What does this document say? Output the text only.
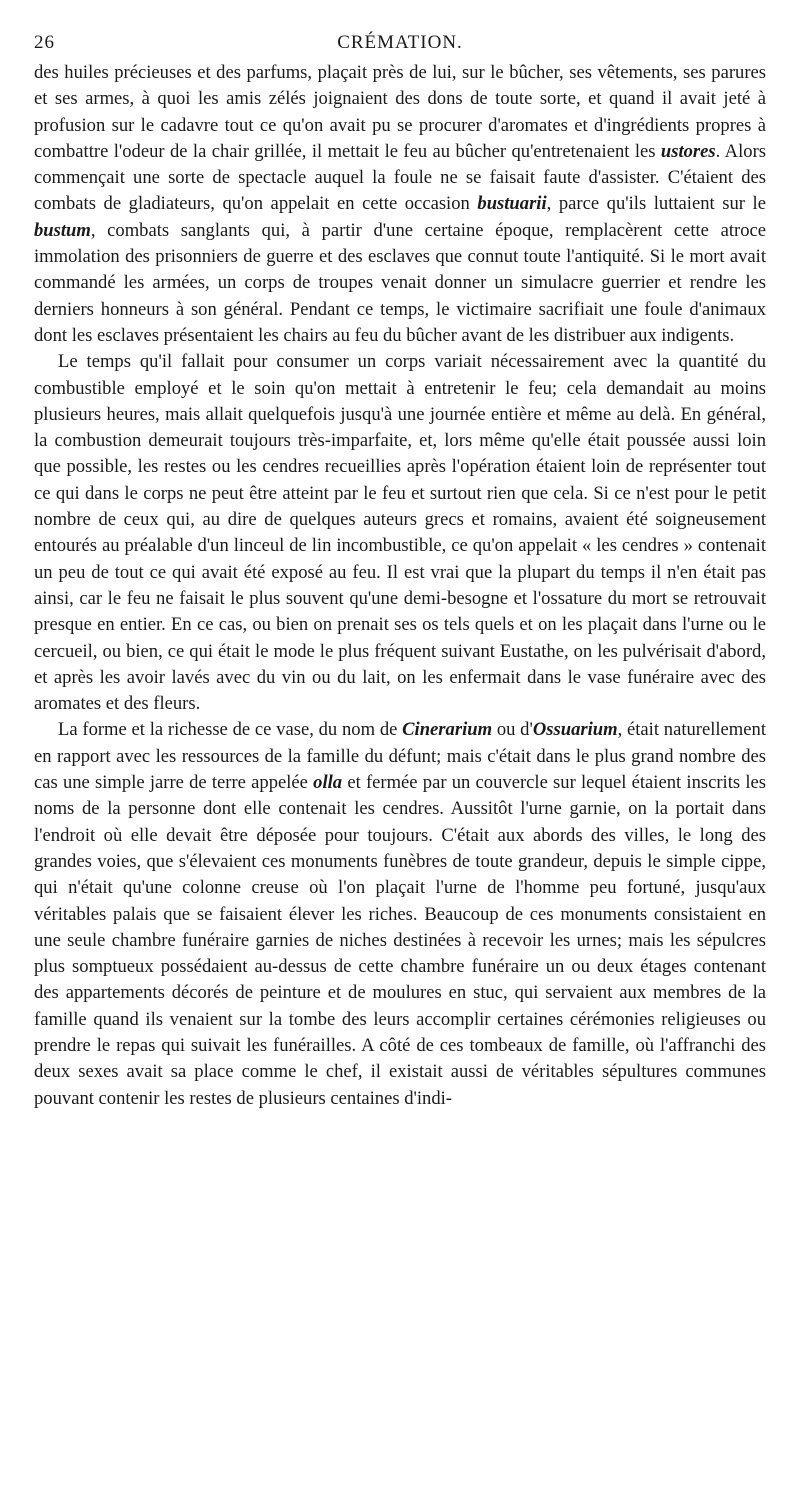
26	CRÉMATION.

des huiles précieuses et des parfums, plaçait près de lui, sur le bûcher, ses vêtements, ses parures et ses armes, à quoi les amis zélés joignaient des dons de toute sorte, et quand il avait jeté à profusion sur le cadavre tout ce qu'on avait pu se procurer d'aromates et d'ingrédients propres à combattre l'odeur de la chair grillée, il mettait le feu au bûcher qu'entretenaient les ustores. Alors commençait une sorte de spectacle auquel la foule ne se faisait faute d'assister. C'étaient des combats de gladiateurs, qu'on appelait en cette occasion bustuarii, parce qu'ils luttaient sur le bustum, combats sanglants qui, à partir d'une certaine époque, remplacèrent cette atroce immolation des prisonniers de guerre et des esclaves que connut toute l'antiquité. Si le mort avait commandé les armées, un corps de troupes venait donner un simulacre guerrier et rendre les derniers honneurs à son général. Pendant ce temps, le victimaire sacrifiait une foule d'animaux dont les esclaves présentaient les chairs au feu du bûcher avant de les distribuer aux indigents.

Le temps qu'il fallait pour consumer un corps variait nécessairement avec la quantité du combustible employé et le soin qu'on mettait à entretenir le feu; cela demandait au moins plusieurs heures, mais allait quelquefois jusqu'à une journée entière et même au delà. En général, la combustion demeurait toujours très-imparfaite, et, lors même qu'elle était poussée aussi loin que possible, les restes ou les cendres recueillies après l'opération étaient loin de représenter tout ce qui dans le corps ne peut être atteint par le feu et surtout rien que cela. Si ce n'est pour le petit nombre de ceux qui, au dire de quelques auteurs grecs et romains, avaient été soigneusement entourés au préalable d'un linceul de lin incombustible, ce qu'on appelait « les cendres » contenait un peu de tout ce qui avait été exposé au feu. Il est vrai que la plupart du temps il n'en était pas ainsi, car le feu ne faisait le plus souvent qu'une demi-besogne et l'ossature du mort se retrouvait presque en entier. En ce cas, ou bien on prenait ses os tels quels et on les plaçait dans l'urne ou le cercueil, ou bien, ce qui était le mode le plus fréquent suivant Eustathe, on les pulvérisait d'abord, et après les avoir lavés avec du vin ou du lait, on les enfermait dans le vase funéraire avec des aromates et des fleurs.

La forme et la richesse de ce vase, du nom de Cinerarium ou d'Ossuarium, était naturellement en rapport avec les ressources de la famille du défunt; mais c'était dans le plus grand nombre des cas une simple jarre de terre appelée olla et fermée par un couvercle sur lequel étaient inscrits les noms de la personne dont elle contenait les cendres. Aussitôt l'urne garnie, on la portait dans l'endroit où elle devait être déposée pour toujours. C'était aux abords des villes, le long des grandes voies, que s'élevaient ces monuments funèbres de toute grandeur, depuis le simple cippe, qui n'était qu'une colonne creuse où l'on plaçait l'urne de l'homme peu fortuné, jusqu'aux véritables palais que se faisaient élever les riches. Beaucoup de ces monuments consistaient en une seule chambre funéraire garnies de niches destinées à recevoir les urnes; mais les sépulcres plus somptueux possédaient au-dessus de cette chambre funéraire un ou deux étages contenant des appartements décorés de peinture et de moulures en stuc, qui servaient aux membres de la famille quand ils venaient sur la tombe des leurs accomplir certaines cérémonies religieuses ou prendre le repas qui suivait les funérailles. A côté de ces tombeaux de famille, où l'affranchi des deux sexes avait sa place comme le chef, il existait aussi de véritables sépultures communes pouvant contenir les restes de plusieurs centaines d'indi-
